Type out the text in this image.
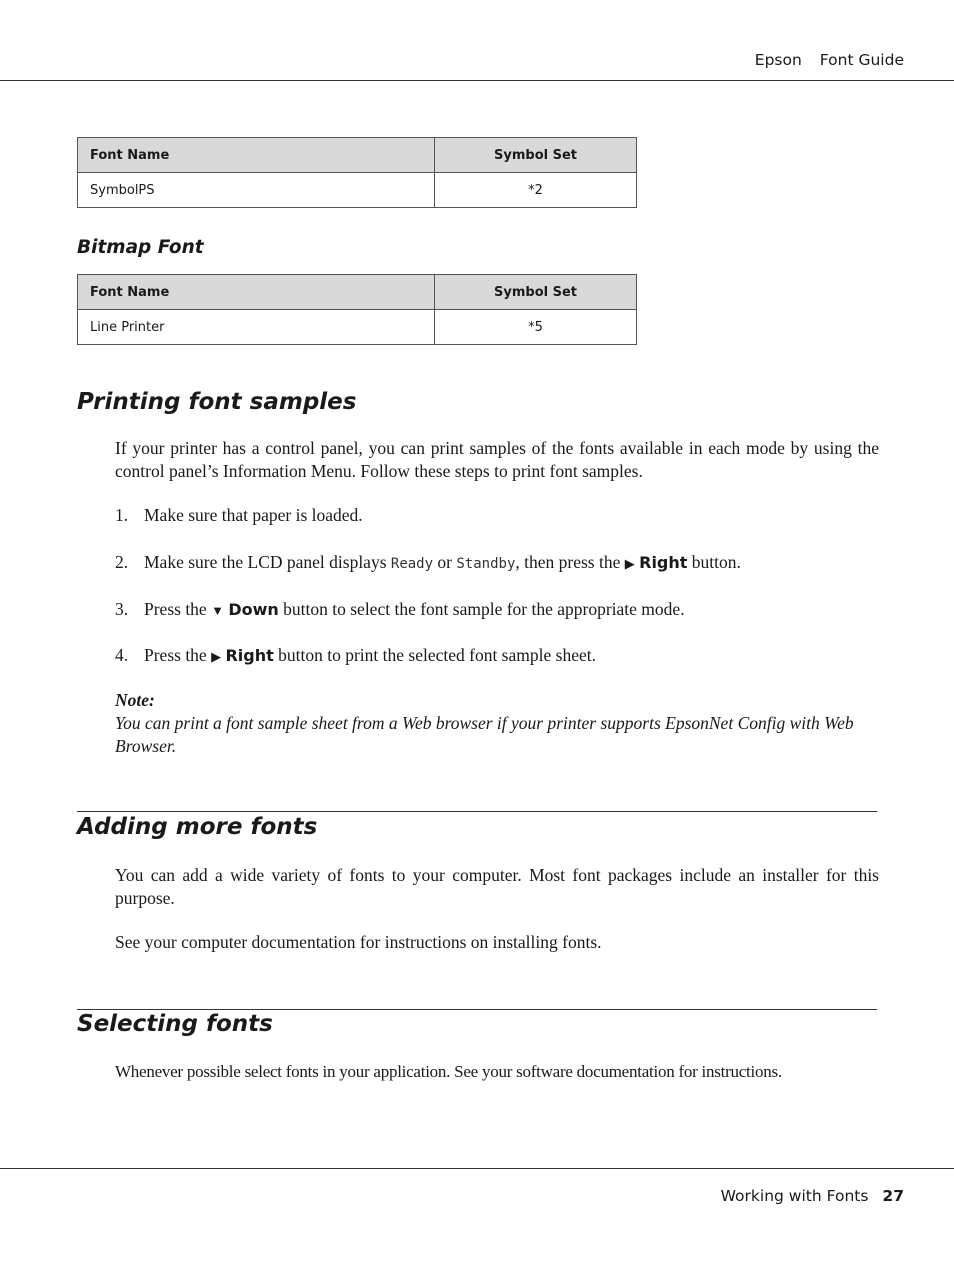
Epson Font Guide
Font Name	Symbol Set
SymbolPS	*2
Bitmap Font
Font Name	Symbol Set
Line Printer	*5
Printing font samples
If your printer has a control panel, you can print samples of the fonts available in each mode by using the control panel’s Information Menu. Follow these steps to print font samples.
1. Make sure that paper is loaded.
2. Make sure the LCD panel displays Ready or Standby, then press the ▶ Right button.
3. Press the ▼ Down button to select the font sample for the appropriate mode.
4. Press the ▶ Right button to print the selected font sample sheet.
Note:
You can print a font sample sheet from a Web browser if your printer supports EpsonNet Config with Web Browser.
Adding more fonts
You can add a wide variety of fonts to your computer. Most font packages include an installer for this purpose.
See your computer documentation for instructions on installing fonts.
Selecting fonts
Whenever possible select fonts in your application. See your software documentation for instructions.
Working with Fonts 27
